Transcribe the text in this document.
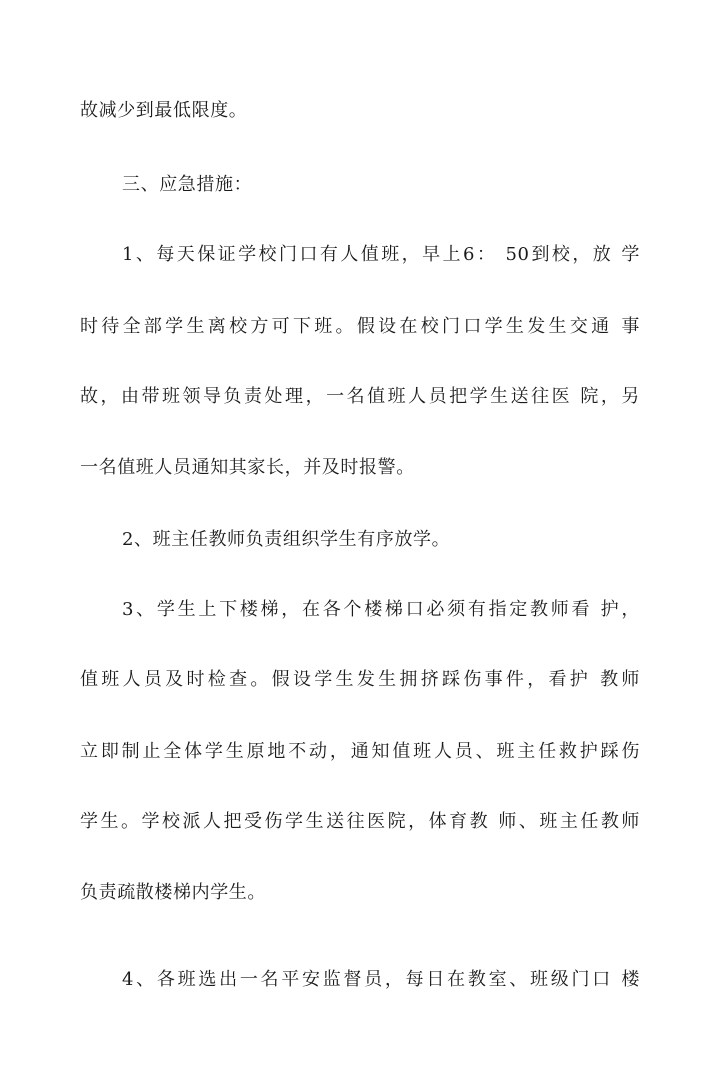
故减少到最低限度。
三、应急措施：
1、每天保证学校门口有人值班，早上6： 50到校，放 学
时待全部学生离校方可下班。假设在校门口学生发生交通 事
故，由带班领导负责处理，一名值班人员把学生送往医 院，另
一名值班人员通知其家长，并及时报警。
2、班主任教师负责组织学生有序放学。
3、学生上下楼梯，在各个楼梯口必须有指定教师看 护，
值班人员及时检查。假设学生发生拥挤踩伤事件，看护 教师
立即制止全体学生原地不动，通知值班人员、班主任救护踩伤
学生。学校派人把受伤学生送往医院，体育教 师、班主任教师
负责疏散楼梯内学生。
4、各班选出一名平安监督员，每日在教室、班级门口 楼
